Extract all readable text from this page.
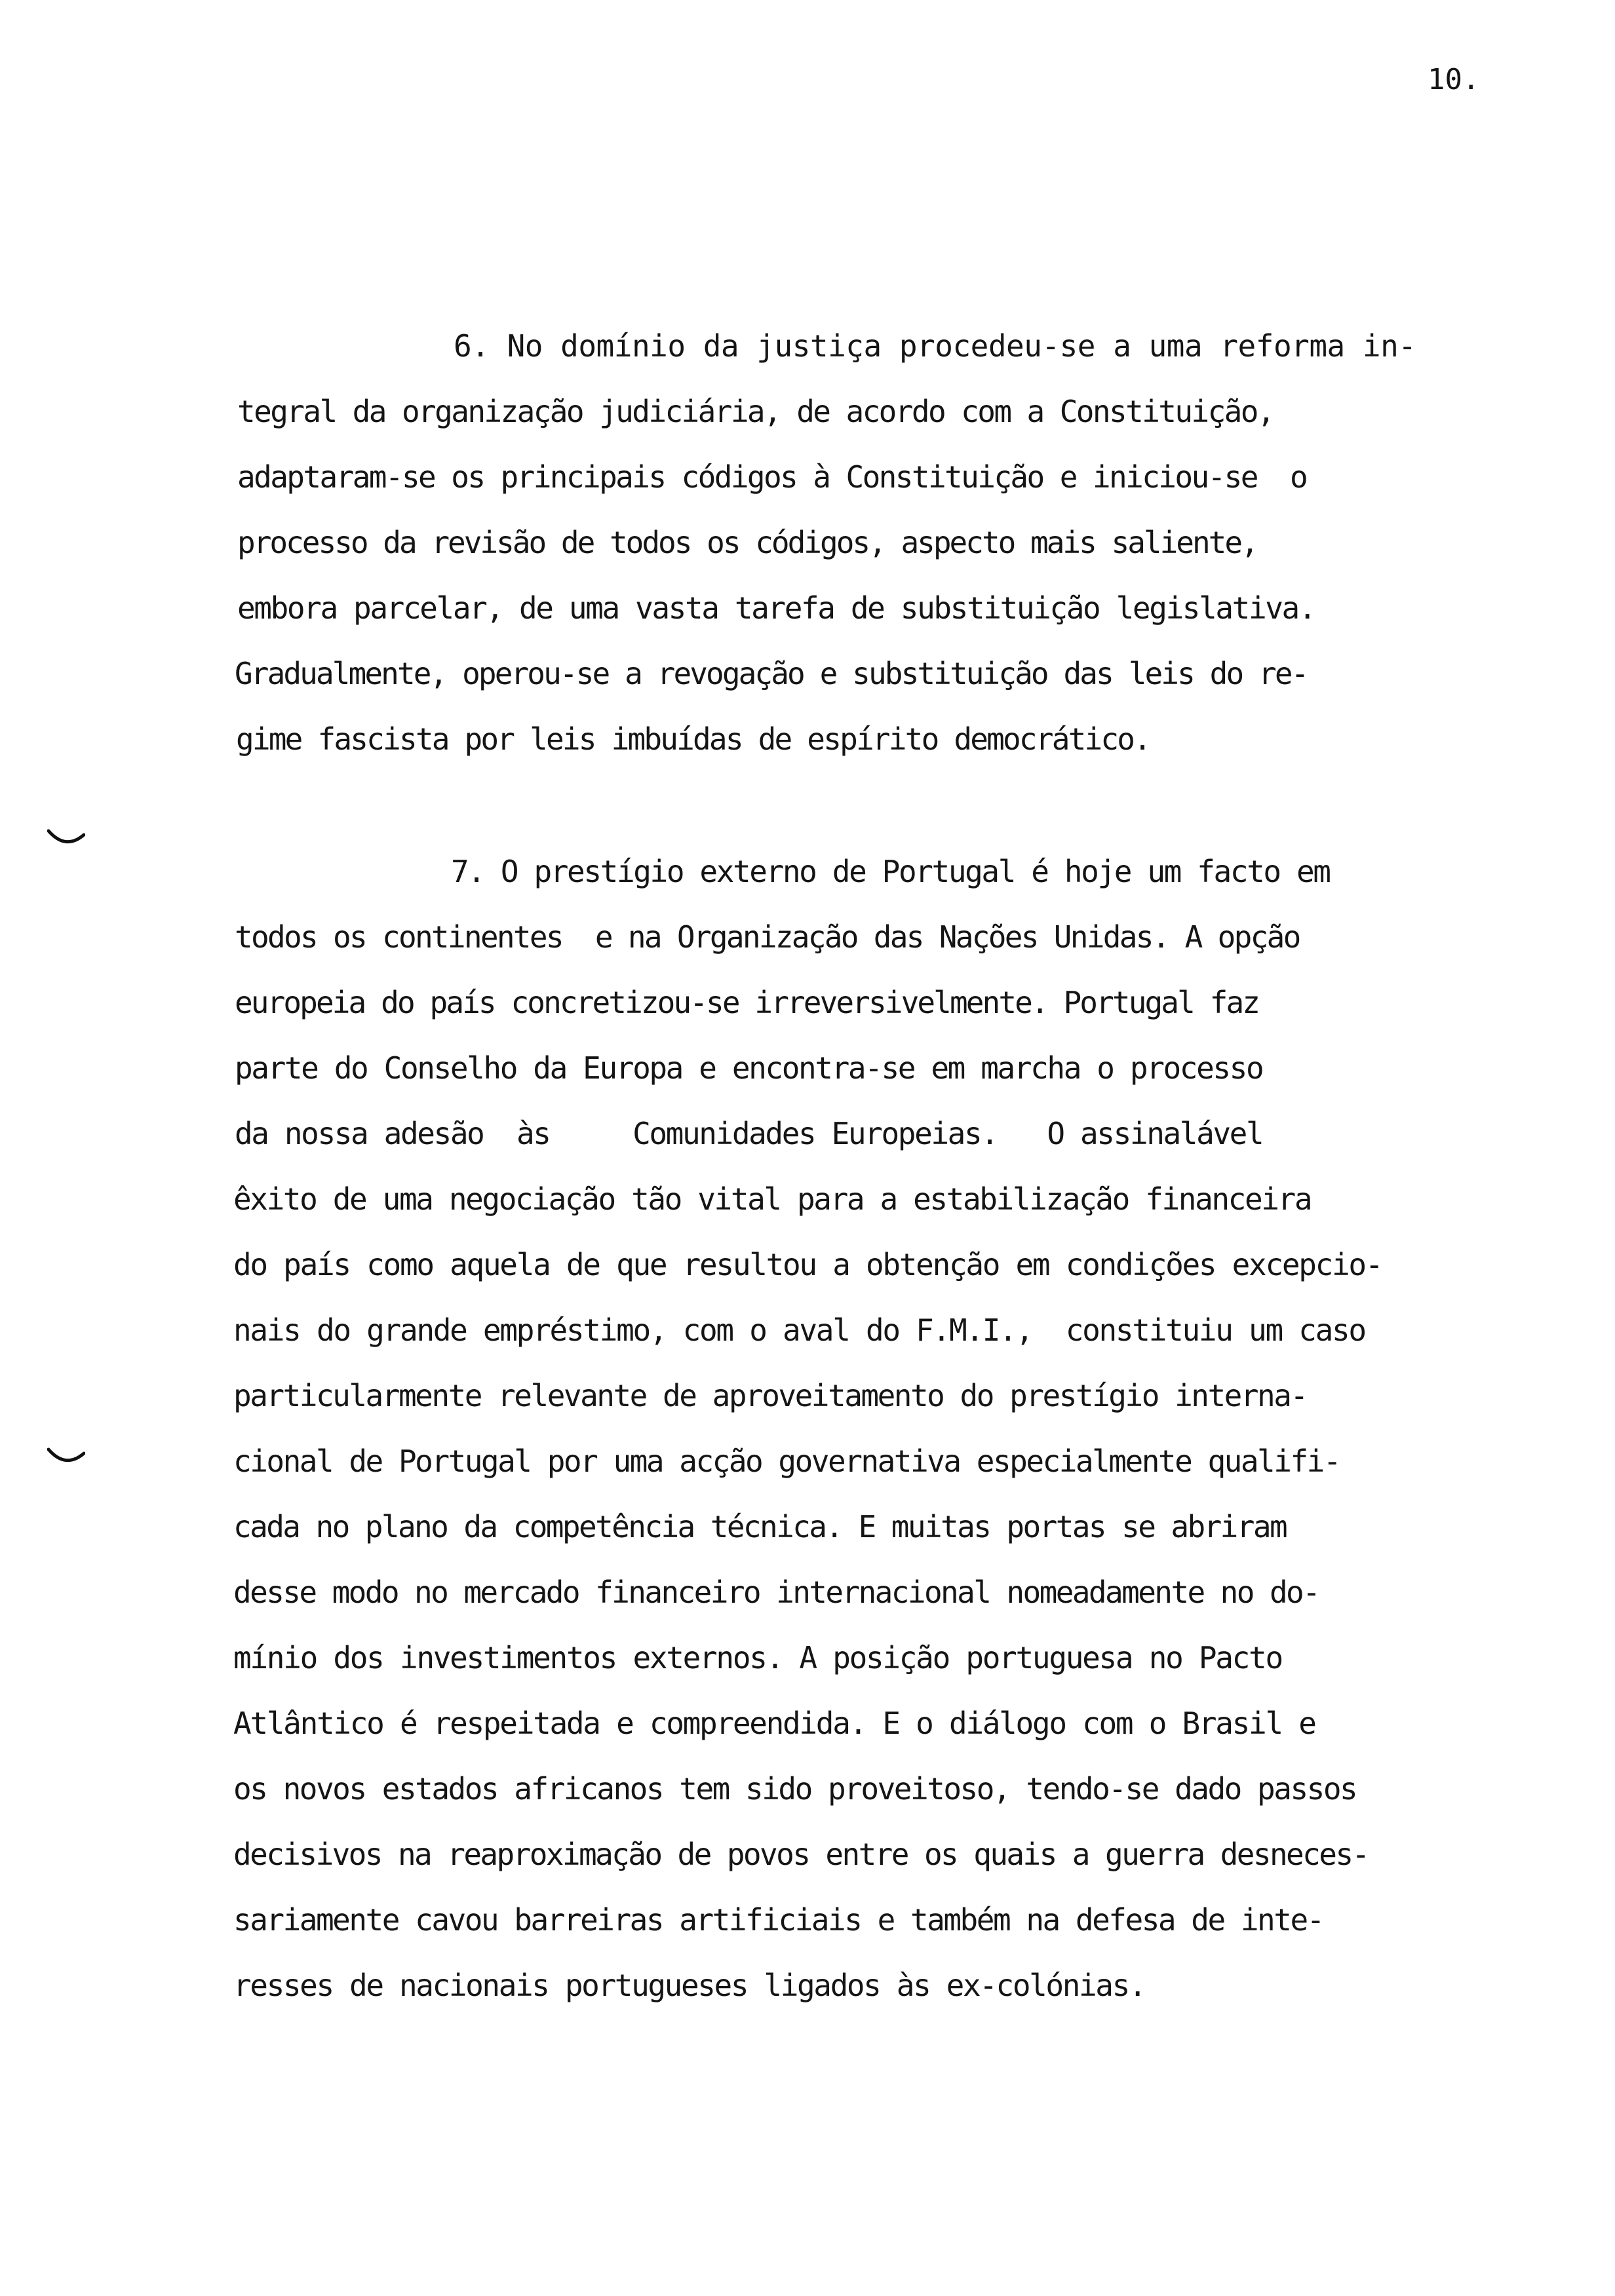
10.
6. No domínio da justiça procedeu-se a uma reforma in-
tegral da organização judiciária, de acordo com a Constituição,
adaptaram-se os principais códigos à Constituição e iniciou-se  o
processo da revisão de todos os códigos, aspecto mais saliente,
embora parcelar, de uma vasta tarefa de substituição legislativa.
Gradualmente, operou-se a revogação e substituição das leis do re-
gime fascista por leis imbuídas de espírito democrático.
7. O prestígio externo de Portugal é hoje um facto em
todos os continentes  e na Organização das Nações Unidas. A opção
europeia do país concretizou-se irreversivelmente. Portugal faz
parte do Conselho da Europa e encontra-se em marcha o processo
da nossa adesão  às     Comunidades Europeias.   O assinalável
êxito de uma negociação tão vital para a estabilização financeira
do país como aquela de que resultou a obtenção em condições excepcio-
nais do grande empréstimo, com o aval do F.M.I.,  constituiu um caso
particularmente relevante de aproveitamento do prestígio interna-
cional de Portugal por uma acção governativa especialmente qualifi-
cada no plano da competência técnica. E muitas portas se abriram
desse modo no mercado financeiro internacional nomeadamente no do-
mínio dos investimentos externos. A posição portuguesa no Pacto
Atlântico é respeitada e compreendida. E o diálogo com o Brasil e
os novos estados africanos tem sido proveitoso, tendo-se dado passos
decisivos na reaproximação de povos entre os quais a guerra desneces-
sariamente cavou barreiras artificiais e também na defesa de inte-
resses de nacionais portugueses ligados às ex-colónias.
